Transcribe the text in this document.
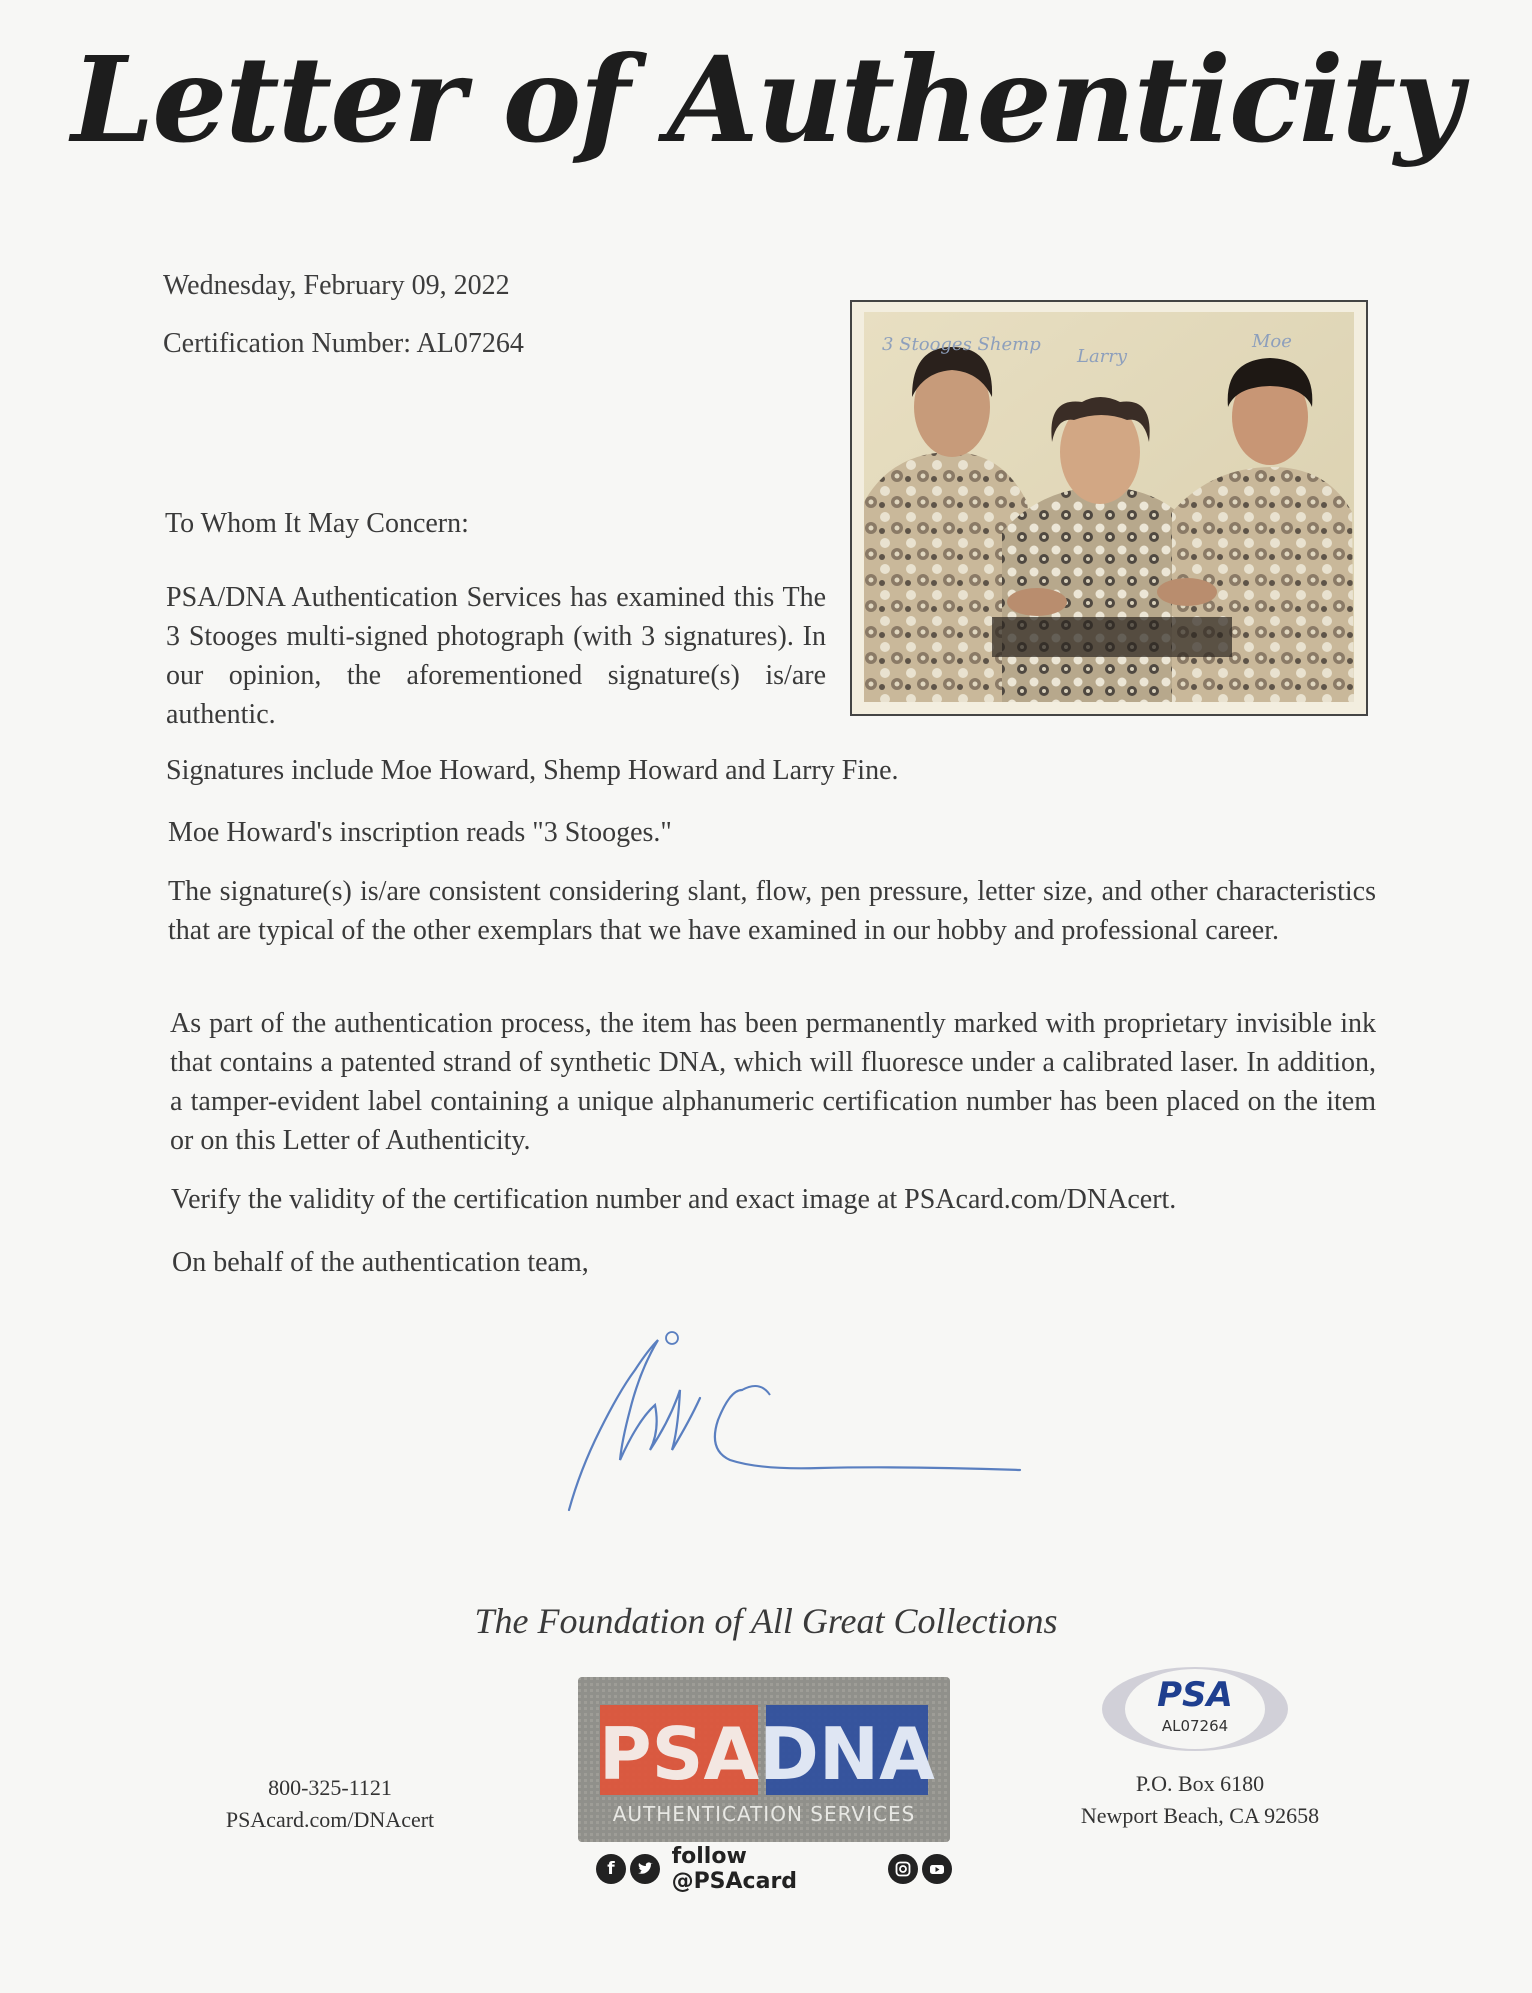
Letter of Authenticity
Wednesday, February 09, 2022
Certification Number: AL07264	3 Stooges Shemp
Larry
Moe
To Whom It May Concern:
PSA/DNA Authentication Services has examined this The 3 Stooges multi-signed photograph (with 3 signatures). In our opinion, the aforementioned signature(s) is/are authentic.
Signatures include Moe Howard, Shemp Howard and Larry Fine.
Moe Howard's inscription reads "3 Stooges."
The signature(s) is/are consistent considering slant, flow, pen pressure, letter size, and other characteristics that are typical of the other exemplars that we have examined in our hobby and professional career.
As part of the authentication process, the item has been permanently marked with proprietary invisible ink that contains a patented strand of synthetic DNA, which will fluoresce under a calibrated laser. In addition, a tamper-evident label containing a unique alphanumeric certification number has been placed on the item or on this Letter of Authenticity.
Verify the validity of the certification number and exact image at PSAcard.com/DNAcert.
On behalf of the authentication team,
The Foundation of All Great Collections
800-325-1121
PSAcard.com/DNAcert
PSA DNA
AUTHENTICATION SERVICES
f	follow @PSAcard
PSA
AL07264
P.O. Box 6180
Newport Beach, CA 92658
